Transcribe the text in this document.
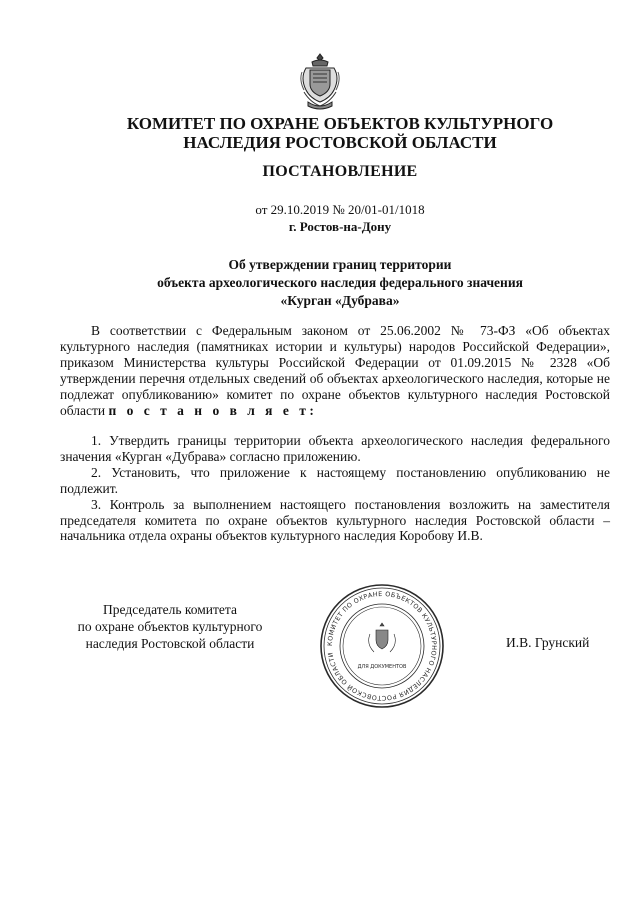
КОМИТЕТ ПО ОХРАНЕ ОБЪЕКТОВ КУЛЬТУРНОГО
НАСЛЕДИЯ РОСТОВСКОЙ ОБЛАСТИ
ПОСТАНОВЛЕНИЕ
от 29.10.2019 № 20/01-01/1018
г. Ростов-на-Дону
Об утверждении границ территории
объекта археологического наследия федерального значения
«Курган «Дубрава»
В соответствии с Федеральным законом от 25.06.2002 № 73-ФЗ «Об объектах культурного наследия (памятниках истории и культуры) народов Российской Федерации», приказом Министерства культуры Российской Федерации от 01.09.2015 № 2328 «Об утверждении перечня отдельных сведений об объектах археологического наследия, которые не подлежат опубликованию» комитет по охране объектов культурного наследия Ростовской области п о с т а н о в л я е т:

1. Утвердить границы территории объекта археологического наследия федерального значения «Курган «Дубрава» согласно приложению.

2. Установить, что приложение к настоящему постановлению опубликованию не подлежит.

3. Контроль за выполнением настоящего постановления возложить на заместителя председателя комитета по охране объектов культурного наследия Ростовской области – начальника отдела охраны объектов культурного наследия Коробову И.В.

Председатель комитета
по охране объектов культурного
наследия Ростовской области	КОМИТЕТ ПО ОХРАНЕ ОБЪЕКТОВ КУЛЬТУРНОГО НАСЛЕДИЯ РОСТОВСКОЙ ОБЛАСТИ
ДЛЯ ДОКУМЕНТОВ
И.В. Грунский
